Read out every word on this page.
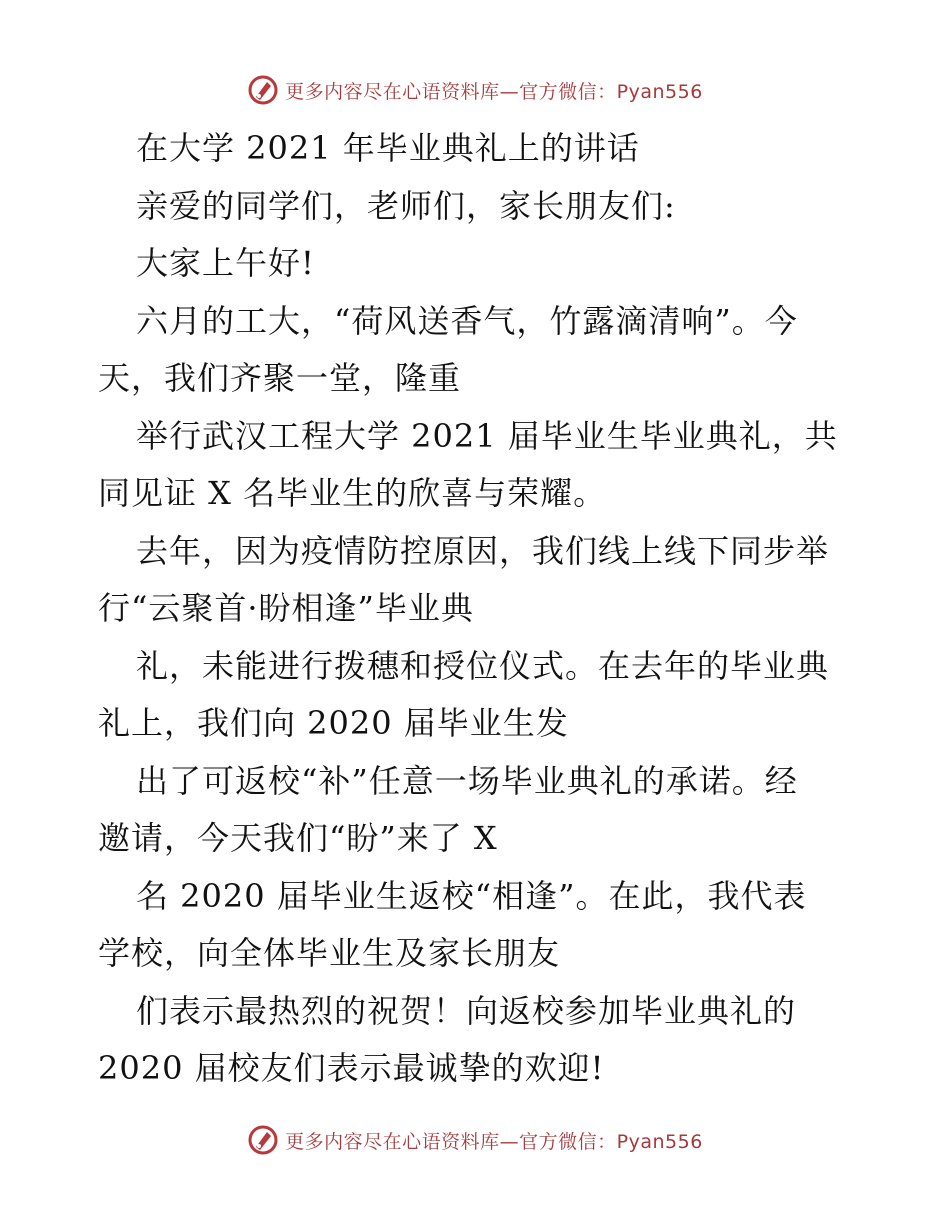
更多内容尽在心语资料库—官方微信：Pyan556
在大学 2021 年毕业典礼上的讲话
亲爱的同学们，老师们，家长朋友们:
大家上午好!
六月的工大，“荷风送香气，竹露滴清响”。今
天，我们齐聚一堂，隆重
举行武汉工程大学 2021 届毕业生毕业典礼，共
同见证 X 名毕业生的欣喜与荣耀。
去年，因为疫情防控原因，我们线上线下同步举
行“云聚首·盼相逢”毕业典
礼，未能进行拨穗和授位仪式。在去年的毕业典
礼上，我们向 2020 届毕业生发
出了可返校“补”任意一场毕业典礼的承诺。经
邀请，今天我们“盼”来了 X
名 2020 届毕业生返校“相逢”。在此，我代表
学校，向全体毕业生及家长朋友
们表示最热烈的祝贺！向返校参加毕业典礼的
2020 届校友们表示最诚挚的欢迎!
更多内容尽在心语资料库—官方微信：Pyan556
